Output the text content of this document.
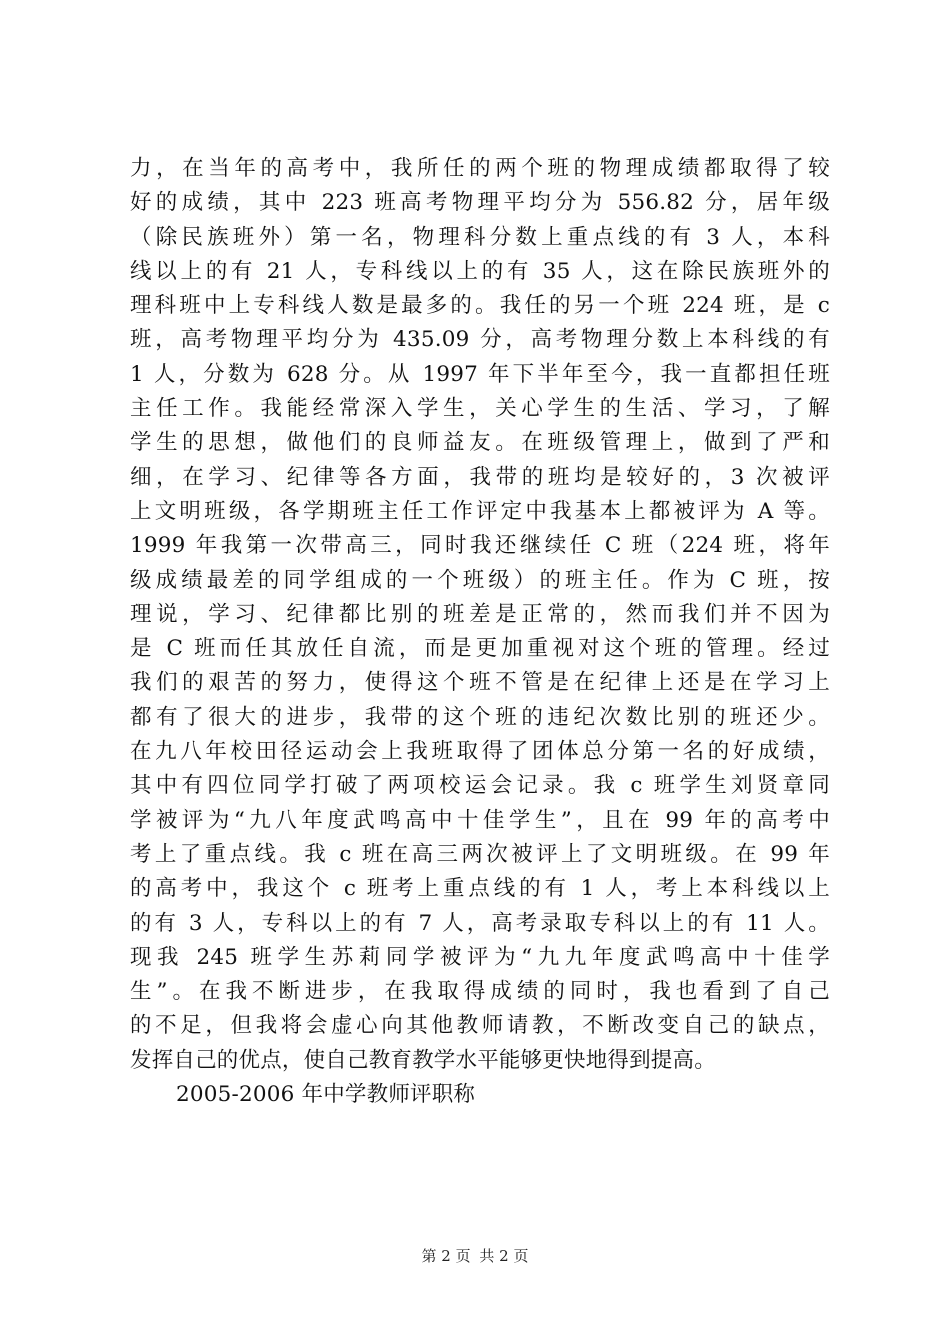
力，在当年的高考中，我所任的两个班的物理成绩都取得了较
好的成绩，其中 223 班高考物理平均分为 556.82 分，居年级
（除民族班外）第一名，物理科分数上重点线的有 3 人，本科
线以上的有 21 人，专科线以上的有 35 人，这在除民族班外的
理科班中上专科线人数是最多的。我任的另一个班 224 班，是 c
班，高考物理平均分为 435.09 分，高考物理分数上本科线的有
1 人，分数为 628 分。从 1997 年下半年至今，我一直都担任班
主任工作。我能经常深入学生，关心学生的生活、学习，了解
学生的思想，做他们的良师益友。在班级管理上，做到了严和
细，在学习、纪律等各方面，我带的班均是较好的，3 次被评
上文明班级，各学期班主任工作评定中我基本上都被评为 A 等。
1999 年我第一次带高三，同时我还继续任 C 班（224 班，将年
级成绩最差的同学组成的一个班级）的班主任。作为 C 班，按
理说，学习、纪律都比别的班差是正常的，然而我们并不因为
是 C 班而任其放任自流，而是更加重视对这个班的管理。经过
我们的艰苦的努力，使得这个班不管是在纪律上还是在学习上
都有了很大的进步，我带的这个班的违纪次数比别的班还少。
在九八年校田径运动会上我班取得了团体总分第一名的好成绩，
其中有四位同学打破了两项校运会记录。我 c 班学生刘贤章同
学被评为“九八年度武鸣高中十佳学生”，且在 99 年的高考中
考上了重点线。我 c 班在高三两次被评上了文明班级。在 99 年
的高考中，我这个 c 班考上重点线的有 1 人，考上本科线以上
的有 3 人，专科以上的有 7 人，高考录取专科以上的有 11 人。
现我 245 班学生苏莉同学被评为“九九年度武鸣高中十佳学
生”。在我不断进步，在我取得成绩的同时，我也看到了自己
的不足，但我将会虚心向其他教师请教，不断改变自己的缺点，
发挥自己的优点，使自己教育教学水平能够更快地得到提高。
2005-2006 年中学教师评职称
第 2 页 共 2 页
